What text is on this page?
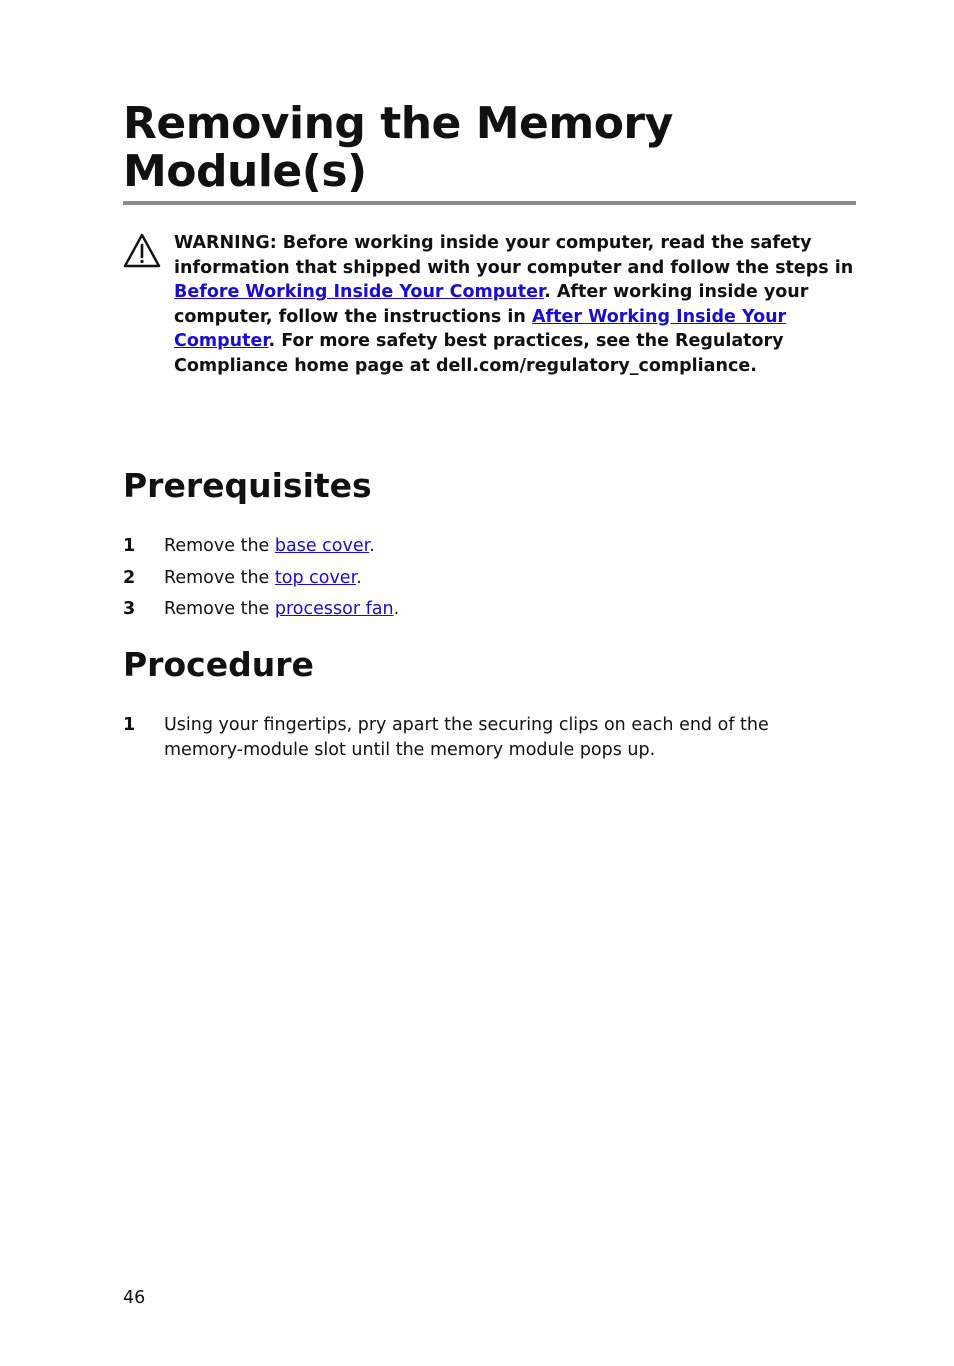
Removing the Memory
Module(s)

WARNING: Before working inside your computer, read the safety information that shipped with your computer and follow the steps in Before Working Inside Your Computer. After working inside your computer, follow the instructions in After Working Inside Your Computer. For more safety best practices, see the Regulatory Compliance home page at dell.com/regulatory_compliance.

Prerequisites
1 Remove the base cover.
2 Remove the top cover.
3 Remove the processor fan.
Procedure
1 Using your fingertips, pry apart the securing clips on each end of the memory-module slot until the memory module pops up.
46
